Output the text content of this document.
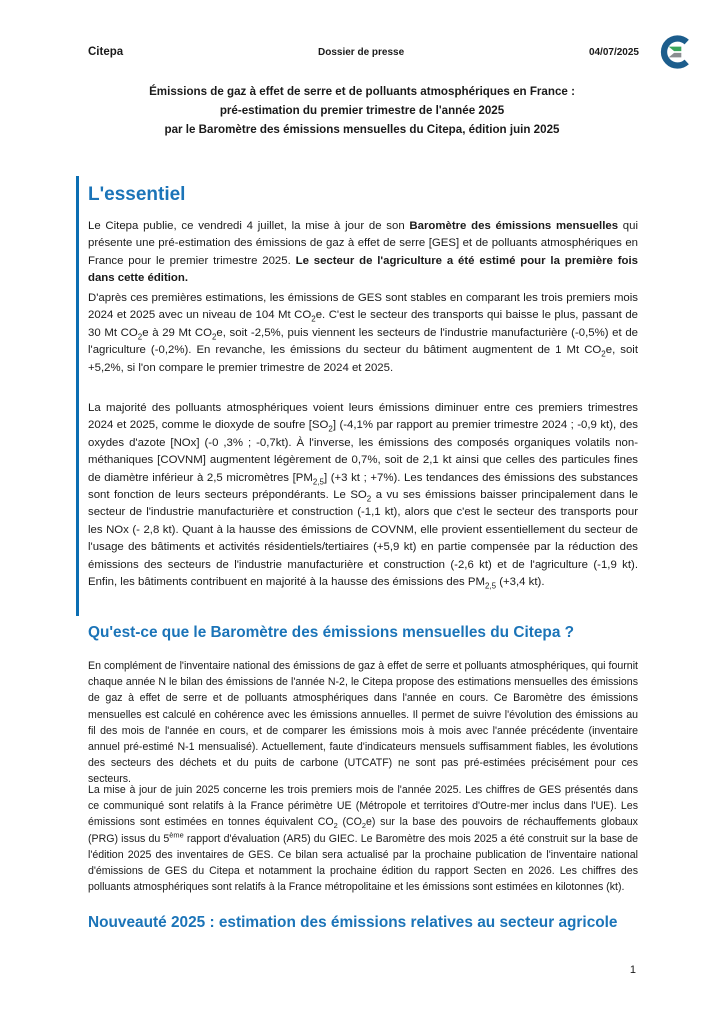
Citepa	Dossier de presse	04/07/2025
Émissions de gaz à effet de serre et de polluants atmosphériques en France :
pré-estimation du premier trimestre de l'année 2025
par le Baromètre des émissions mensuelles du Citepa, édition juin 2025
L'essentiel

Le Citepa publie, ce vendredi 4 juillet, la mise à jour de son Baromètre des émissions mensuelles qui présente une pré-estimation des émissions de gaz à effet de serre [GES] et de polluants atmosphériques en France pour le premier trimestre 2025. Le secteur de l'agriculture a été estimé pour la première fois dans cette édition.

D'après ces premières estimations, les émissions de GES sont stables en comparant les trois premiers mois 2024 et 2025 avec un niveau de 104 Mt $CO_2e$. C'est le secteur des transports qui baisse le plus, passant de 30 Mt $CO_2e$ à 29 Mt $CO_2e$, soit -2,5%, puis viennent les secteurs de l'industrie manufacturière (-0,5%) et de l'agriculture (-0,2%). En revanche, les émissions du secteur du bâtiment augmentent de 1 Mt $CO_2e$, soit +5,2%, si l'on compare le premier trimestre de 2024 et 2025.

La majorité des polluants atmosphériques voient leurs émissions diminuer entre ces premiers trimestres 2024 et 2025, comme le dioxyde de soufre $[SO_2]$ (-4,1% par rapport au premier trimestre 2024 ; -0,9 kt), des oxydes d'azote [NOx] (-0 ,3% ; -0,7kt). À l'inverse, les émissions des composés organiques volatils non-méthaniques [COVNM] augmentent légèrement de 0,7%, soit de 2,1 kt ainsi que celles des particules fines de diamètre inférieur à 2,5 micromètres $[PM_{2,5}]$ (+3 kt ; +7%). Les tendances des émissions des substances sont fonction de leurs secteurs prépondérants. Le $SO_2$ a vu ses émissions baisser principalement dans le secteur de l'industrie manufacturière et construction (-1,1 kt), alors que c'est le secteur des transports pour les NOx (- 2,8 kt). Quant à la hausse des émissions de COVNM, elle provient essentiellement du secteur de l'usage des bâtiments et activités résidentiels/tertiaires (+5,9 kt) en partie compensée par la réduction des émissions des secteurs de l'industrie manufacturière et construction (-2,6 kt) et de l'agriculture (-1,9 kt). Enfin, les bâtiments contribuent en majorité à la hausse des émissions des $PM_{2,5}$ (+3,4 kt).

Qu'est-ce que le Baromètre des émissions mensuelles du Citepa ?

En complément de l'inventaire national des émissions de gaz à effet de serre et polluants atmosphériques, qui fournit chaque année N le bilan des émissions de l'année N-2, le Citepa propose des estimations mensuelles des émissions de gaz à effet de serre et de polluants atmosphériques dans l'année en cours. Ce Baromètre des émissions mensuelles est calculé en cohérence avec les émissions annuelles. Il permet de suivre l'évolution des émissions au fil des mois de l'année en cours, et de comparer les émissions mois à mois avec l'année précédente (inventaire annuel pré-estimé N-1 mensualisé). Actuellement, faute d'indicateurs mensuels suffisamment fiables, les évolutions des secteurs des déchets et du puits de carbone (UTCATF) ne sont pas pré-estimées précisément pour ces secteurs.

La mise à jour de juin 2025 concerne les trois premiers mois de l'année 2025. Les chiffres de GES présentés dans ce communiqué sont relatifs à la France périmètre UE (Métropole et territoires d'Outre-mer inclus dans l'UE). Les émissions sont estimées en tonnes équivalent $CO_2$ $(CO_2e)$ sur la base des pouvoirs de réchauffements globaux (PRG) issus du 5ème rapport d'évaluation (AR5) du GIEC. Le Baromètre des mois 2025 a été construit sur la base de l'édition 2025 des inventaires de GES. Ce bilan sera actualisé par la prochaine publication de l'inventaire national d'émissions de GES du Citepa et notamment la prochaine édition du rapport Secten en 2026. Les chiffres des polluants atmosphériques sont relatifs à la France métropolitaine et les émissions sont estimées en kilotonnes (kt).

Nouveauté 2025 : estimation des émissions relatives au secteur agricole
1
